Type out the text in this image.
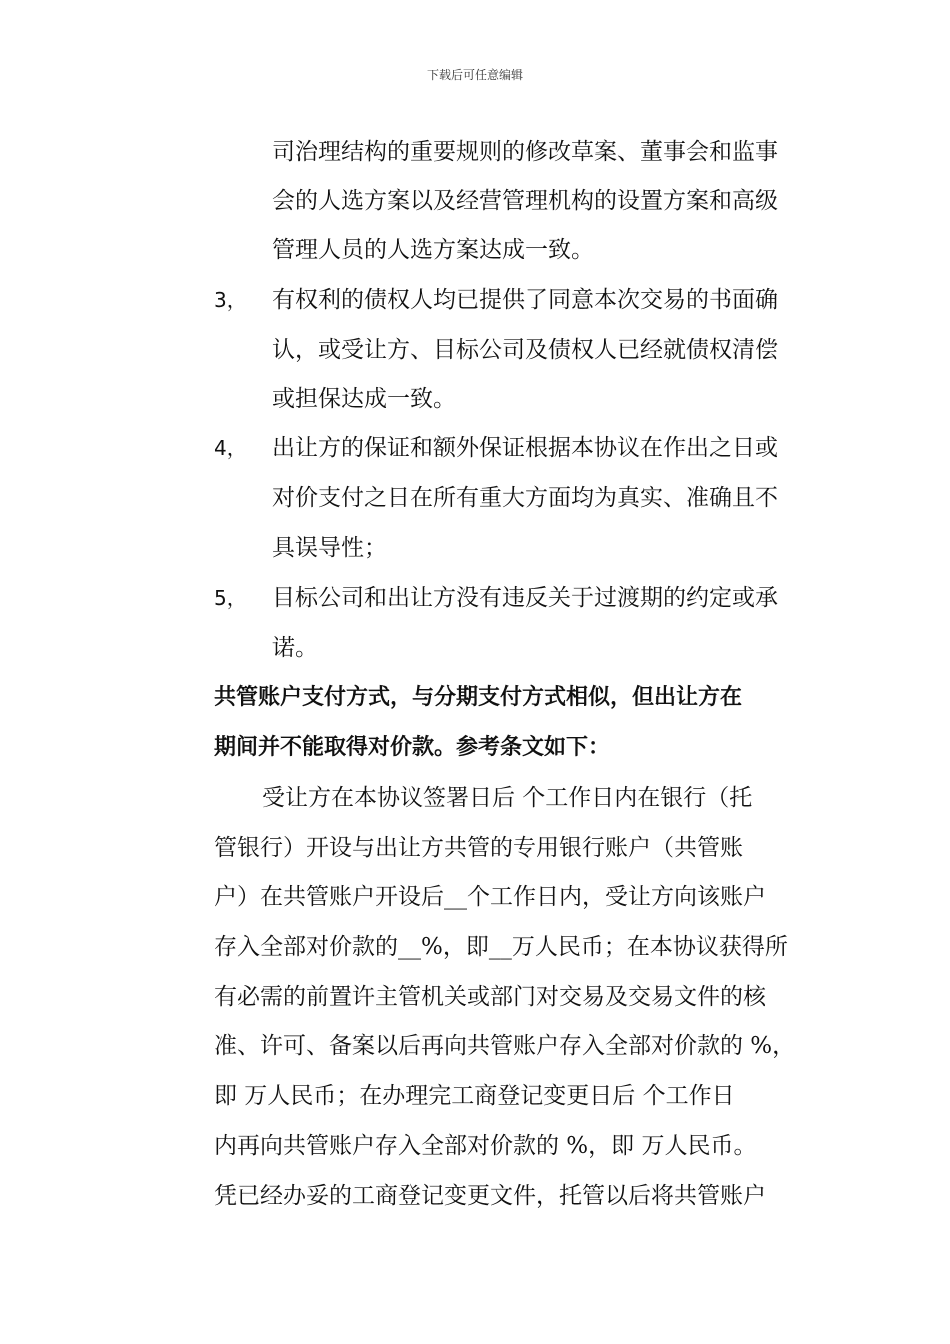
下载后可任意编辑
司治理结构的重要规则的修改草案、董事会和监事
会的人选方案以及经营管理机构的设置方案和高级
管理人员的人选方案达成一致。
3， 有权利的债权人均已提供了同意本次交易的书面确
认，或受让方、目标公司及债权人已经就债权清偿
或担保达成一致。
4， 出让方的保证和额外保证根据本协议在作出之日或
对价支付之日在所有重大方面均为真实、准确且不
具误导性；
5， 目标公司和出让方没有违反关于过渡期的约定或承
诺。
共管账户支付方式，与分期支付方式相似，但出让方在
期间并不能取得对价款。参考条文如下：
受让方在本协议签署日后 个工作日内在银行（托
管银行）开设与出让方共管的专用银行账户（共管账
户）在共管账户开设后__个工作日内，受让方向该账户
存入全部对价款的__%，即__万人民币；在本协议获得所
有必需的前置许主管机关或部门对交易及交易文件的核
准、许可、备案以后再向共管账户存入全部对价款的 %，
即 万人民币；在办理完工商登记变更日后 个工作日
内再向共管账户存入全部对价款的 %，即 万人民币。
凭已经办妥的工商登记变更文件，托管以后将共管账户
